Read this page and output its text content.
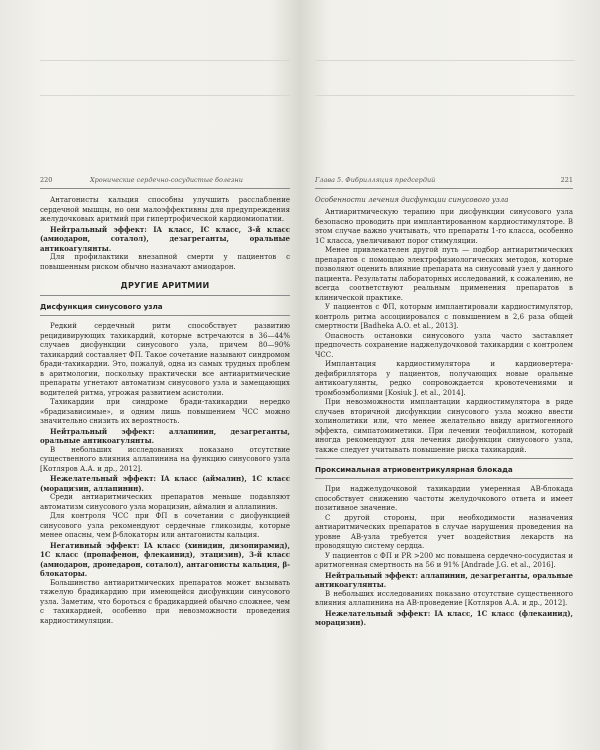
220	Хронические сердечно-сосудистые болезни

Антагонисты кальция способны улучшить расслабление сердечной мышцы, но они малоэффективны для предупреждения желудочковых аритмий при гипертрофической кардиомиопатии.

Нейтральный эффект: IA класс, IC класс, 3-й класс (амиодарон, соталол), дезагреганты, оральные антикоагулянты.

Для профилактики внезапной смерти у пациентов с повышенным риском обычно назначают амиодарон.

ДРУГИЕ АРИТМИИ
Дисфункция синусового узла

Редкий сердечный ритм способствует развитию рецидивирующих тахикардий, которые встречаются в 36—44% случаев дисфункции синусового узла, причем 80—90% тахикардий составляет ФП. Такое сочетание называют синдромом бради-тахикардии. Это, пожалуй, одна из самых трудных проблем в аритмологии, поскольку практически все антиаритмические препараты угнетают автоматизм синусового узла и замещающих водителей ритма, угрожая развитием асистолии.

Тахикардии при синдроме бради-тахикардии нередко «брадизависимые», и одним лишь повышением ЧСС можно значительно снизить их вероятность.

Нейтральный эффект: аллапинин, дезагреганты, оральные антикоагулянты.

В небольших исследованиях показано отсутствие существенного влияния аллапинина на функцию синусового узла [Котляров А.А. и др., 2012].

Нежелательный эффект: IA класс (аймалин), 1C класс (морацизин, аллапинин).

Среди антиаритмических препаратов меньше подавляют автоматизм синусового узла морацизин, аймалин и аллапинин.

Для контроля ЧСС при ФП в сочетании с дисфункцией синусового узла рекомендуют сердечные гликозиды, которые менее опасны, чем β-блокаторы или антагонисты кальция.

Негативный эффект: IA класс (хинидин, дизопирамид), 1C класс (пропафенон, флекаинид), этацизин), 3-й класс (амиодарон, дронедарон, соталол), антагонисты кальция, β-блокаторы.

Большинство антиаритмических препаратов может вызывать тяжелую брадикардию при имеющейся дисфункции синусового узла. Заметим, что бороться с брадикардией обычно сложнее, чем с тахикардией, особенно при невозможности проведения кардиостимуляции.

Глава 5. Фибрилляция предсердий	221
Особенности лечения дисфункции синусового узла

Антиаритмическую терапию при дисфункции синусового узла безопасно проводить при имплантированном кардиостимуляторе. В этом случае важно учитывать, что препараты 1-го класса, особенно 1С класса, увеличивают порог стимуляции.

Менее привлекателен другой путь — подбор антиаритмических препаратов с помощью электрофизиологических методов, которые позволяют оценить влияние препарата на синусовый узел у данного пациента. Результаты лабораторных исследований, к сожалению, не всегда соответствуют реальным применения препаратов в клинической практике.

У пациентов с ФП, которым имплантировали кардиостимулятор, контроль ритма ассоциировался с повышением в 2,6 раза общей смертности [Badheka A.O. et al., 2013].

Опасность остановки синусового узла часто заставляет предпочесть сохранение наджелудочковой тахикардии с контролем ЧСС.

Имплантация кардиостимулятора и кардиовертера-дефибриллятора у пациентов, получающих новые оральные антикоагулянты, редко сопровождается кровотечениями и тромбоэмболиями [Kosiuk J. et al., 2014].

При невозможности имплантации кардиостимулятора в ряде случаев вторичной дисфункции синусового узла можно ввести холинолитики или, что менее желательно ввиду аритмогенного эффекта, симпатомиметики. При лечении теофиллином, который иногда рекомендуют для лечения дисфункции синусового узла, также следует учитывать повышение риска тахикардий.

Проксимальная атриовентрикулярная блокада

При наджелудочковой тахикардии умеренная АВ-блокада способствует снижению частоты желудочкового ответа и имеет позитивное значение.

С другой стороны, при необходимости назначения антиаритмических препаратов в случае нарушения проведения на уровне АВ-узла требуется учет воздействия лекарств на проводящую систему сердца.

У пациентов с ФП и PR >200 мс повышена сердечно-сосудистая и аритмогенная смертность на 56 и 91% [Andrade J.G. et al., 2016].

Нейтральный эффект: аллапинин, дезагреганты, оральные антикоагулянты.

В небольших исследованиях показано отсутствие существенного влияния аллапинина на АВ-проведение [Котляров А.А. и др., 2012].

Нежелательный эффект: IA класс, 1C класс (флекаинид), морацизин).
